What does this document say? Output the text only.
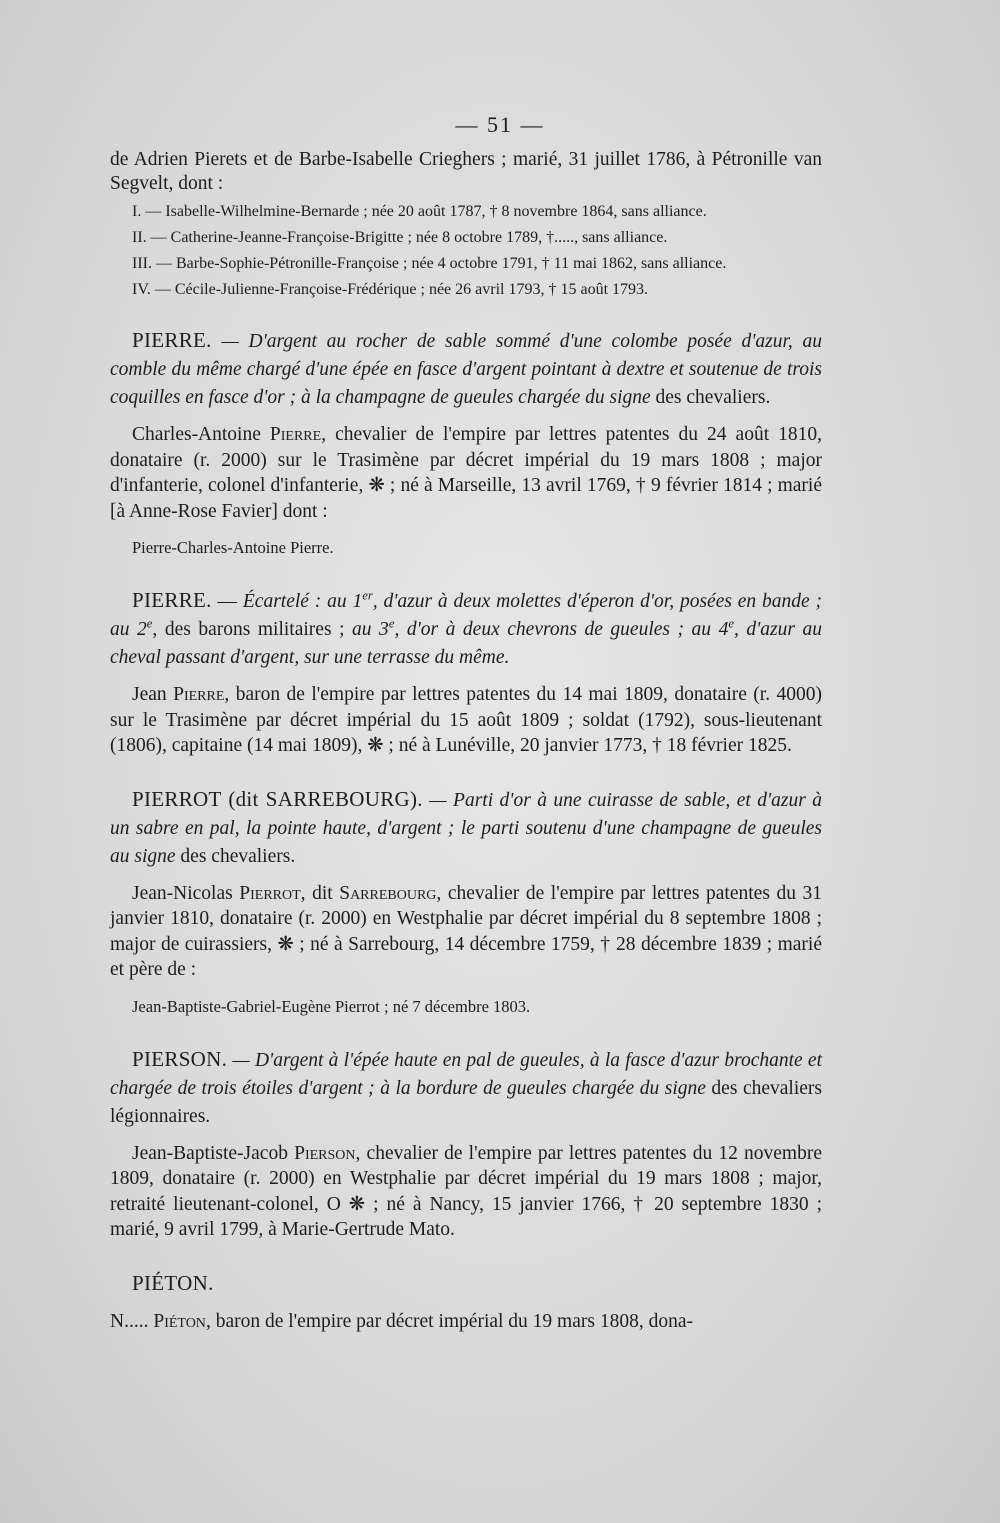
— 51 —

de Adrien Pierets et de Barbe-Isabelle Crieghers ; marié, 31 juillet 1786, à Pétronille van Segvelt, dont :

I. — Isabelle-Wilhelmine-Bernarde ; née 20 août 1787, † 8 novembre 1864, sans alliance.

II. — Catherine-Jeanne-Françoise-Brigitte ; née 8 octobre 1789, †....., sans alliance.

III. — Barbe-Sophie-Pétronille-Françoise ; née 4 octobre 1791, † 11 mai 1862, sans alliance.

IV. — Cécile-Julienne-Françoise-Frédérique ; née 26 avril 1793, † 15 août 1793.

PIERRE. — D'argent au rocher de sable sommé d'une colombe posée d'azur, au comble du même chargé d'une épée en fasce d'argent pointant à dextre et soutenue de trois coquilles en fasce d'or ; à la champagne de gueules chargée du signe des chevaliers.

Charles-Antoine Pierre, chevalier de l'empire par lettres patentes du 24 août 1810, donataire (r. 2000) sur le Trasimène par décret impérial du 19 mars 1808 ; major d'infanterie, colonel d'infanterie, ❋ ; né à Marseille, 13 avril 1769, † 9 février 1814 ; marié [à Anne-Rose Favier] dont :

Pierre-Charles-Antoine Pierre.

PIERRE. — Écartelé : au 1er, d'azur à deux molettes d'éperon d'or, posées en bande ; au 2e, des barons militaires ; au 3e, d'or à deux chevrons de gueules ; au 4e, d'azur au cheval passant d'argent, sur une terrasse du même.

Jean Pierre, baron de l'empire par lettres patentes du 14 mai 1809, donataire (r. 4000) sur le Trasimène par décret impérial du 15 août 1809 ; soldat (1792), sous-lieutenant (1806), capitaine (14 mai 1809), ❋ ; né à Lunéville, 20 janvier 1773, † 18 février 1825.

PIERROT (dit SARREBOURG). — Parti d'or à une cuirasse de sable, et d'azur à un sabre en pal, la pointe haute, d'argent ; le parti soutenu d'une champagne de gueules au signe des chevaliers.

Jean-Nicolas Pierrot, dit Sarrebourg, chevalier de l'empire par lettres patentes du 31 janvier 1810, donataire (r. 2000) en Westphalie par décret impérial du 8 septembre 1808 ; major de cuirassiers, ❋ ; né à Sarrebourg, 14 décembre 1759, † 28 décembre 1839 ; marié et père de :

Jean-Baptiste-Gabriel-Eugène Pierrot ; né 7 décembre 1803.

PIERSON. — D'argent à l'épée haute en pal de gueules, à la fasce d'azur brochante et chargée de trois étoiles d'argent ; à la bordure de gueules chargée du signe des chevaliers légionnaires.

Jean-Baptiste-Jacob Pierson, chevalier de l'empire par lettres patentes du 12 novembre 1809, donataire (r. 2000) en Westphalie par décret impérial du 19 mars 1808 ; major, retraité lieutenant-colonel, O ❋ ; né à Nancy, 15 janvier 1766, † 20 septembre 1830 ; marié, 9 avril 1799, à Marie-Gertrude Mato.

PIÉTON.

N..... Piéton, baron de l'empire par décret impérial du 19 mars 1808, dona-
